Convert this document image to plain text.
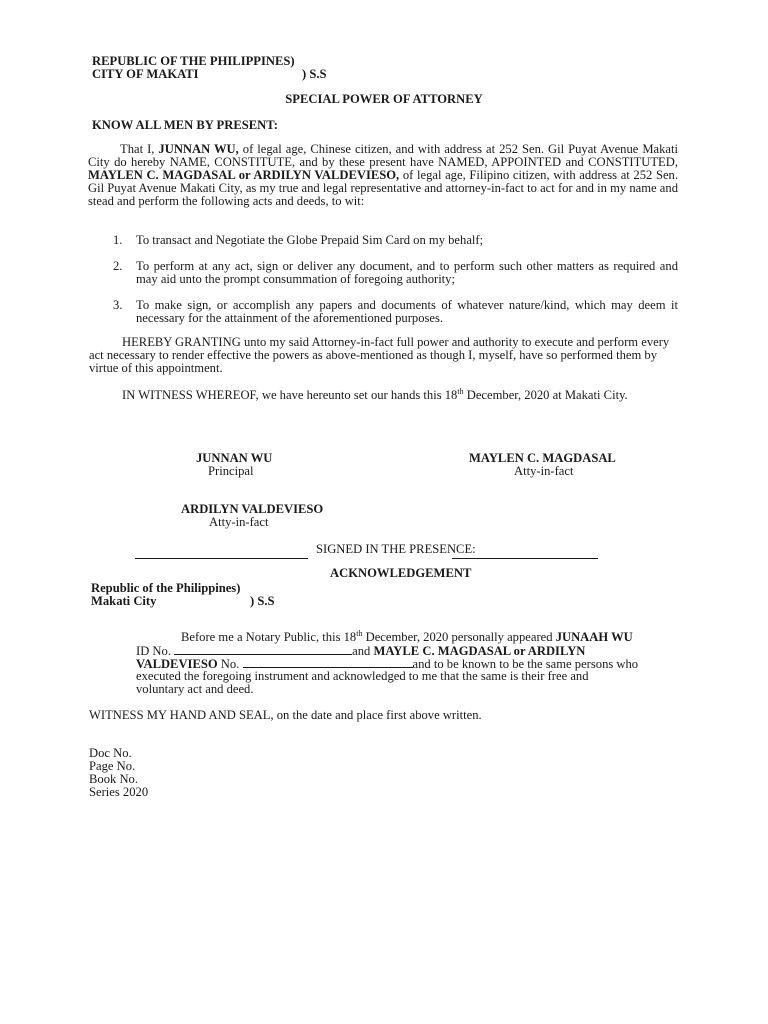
REPUBLIC OF THE PHILIPPINES)
CITY OF MAKATI	) S.S
SPECIAL POWER OF ATTORNEY
KNOW ALL MEN BY PRESENT:
That I, JUNNAN WU, of legal age, Chinese citizen, and with address at 252 Sen. Gil Puyat Avenue Makati City do hereby NAME, CONSTITUTE, and by these present have NAMED, APPOINTED and CONSTITUTED, MAYLEN C. MAGDASAL or ARDILYN VALDEVIESO, of legal age, Filipino citizen, with address at 252 Sen. Gil Puyat Avenue Makati City, as my true and legal representative and attorney-in-fact to act for and in my name and stead and perform the following acts and deeds, to wit:
1. To transact and Negotiate the Globe Prepaid Sim Card on my behalf;
2. To perform at any act, sign or deliver any document, and to perform such other matters as required and may aid unto the prompt consummation of foregoing authority;
3. To make sign, or accomplish any papers and documents of whatever nature/kind, which may deem it necessary for the attainment of the aforementioned purposes.
HEREBY GRANTING unto my said Attorney-in-fact full power and authority to execute and perform every act necessary to render effective the powers as above-mentioned as though I, myself, have so performed them by virtue of this appointment.
IN WITNESS WHEREOF, we have hereunto set our hands this 18th December, 2020 at Makati City.
JUNNAN WU
Principal
MAYLEN C. MAGDASAL
Atty-in-fact
ARDILYN VALDEVIESO
Atty-in-fact
SIGNED IN THE PRESENCE:
ACKNOWLEDGEMENT
Republic of the Philippines)
Makati City	) S.S
Before me a Notary Public, this 18th December, 2020 personally appeared JUNAAH WU
ID No.	and MAYLE C. MAGDASAL or ARDILYN
VALDEVIESO No.	and to be known to be the same persons who
executed the foregoing instrument and acknowledged to me that the same is their free and
voluntary act and deed.
WITNESS MY HAND AND SEAL, on the date and place first above written.
Doc No.
Page No.
Book No.
Series 2020
